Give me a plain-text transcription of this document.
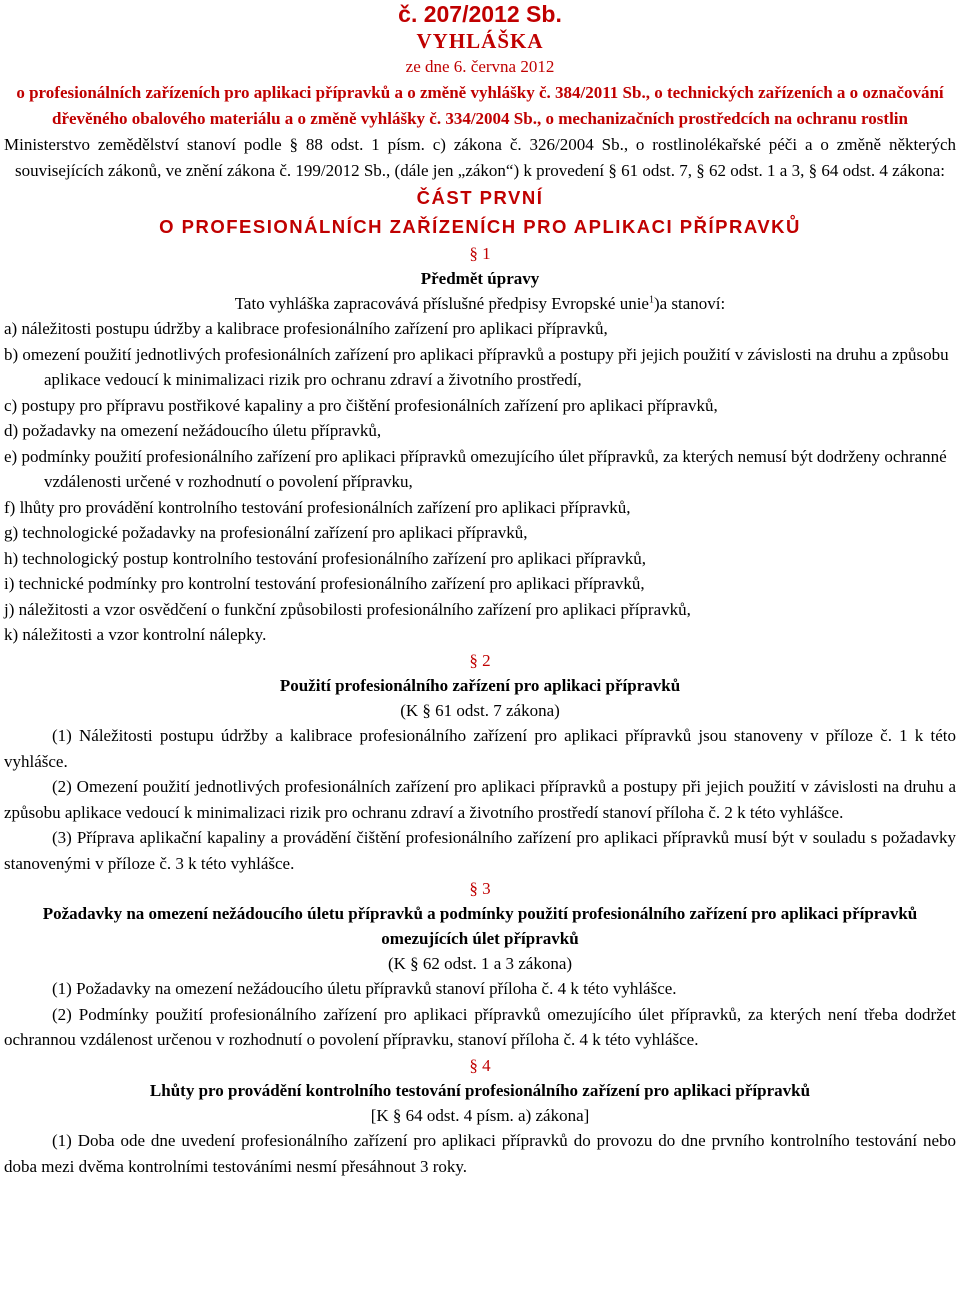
č. 207/2012 Sb.
VYHLÁŠKA
ze dne 6. června 2012
o profesionálních zařízeních pro aplikaci přípravků a o změně vyhlášky č. 384/2011 Sb., o technických zařízeních a o označování dřevěného obalového materiálu a o změně vyhlášky č. 334/2004 Sb., o mechanizačních prostředcích na ochranu rostlin

Ministerstvo zemědělství stanoví podle § 88 odst. 1 písm. c) zákona č. 326/2004 Sb., o rostlinolékařské péči a o změně některých souvisejících zákonů, ve znění zákona č. 199/2012 Sb., (dále jen „zákon“) k provedení § 61 odst. 7, § 62 odst. 1 a 3, § 64 odst. 4 zákona:

ČÁST PRVNÍ
O PROFESIONÁLNÍCH ZAŘÍZENÍCH PRO APLIKACI PŘÍPRAVKŮ
§ 1
Předmět úpravy

Tato vyhláška zapracovává příslušné předpisy Evropské unie$^1$)a stanoví:

a) náležitosti postupu údržby a kalibrace profesionálního zařízení pro aplikaci přípravků,

b) omezení použití jednotlivých profesionálních zařízení pro aplikaci přípravků a postupy při jejich použití v závislosti na druhu a způsobu aplikace vedoucí k minimalizaci rizik pro ochranu zdraví a životního prostředí,

c) postupy pro přípravu postřikové kapaliny a pro čištění profesionálních zařízení pro aplikaci přípravků,

d) požadavky na omezení nežádoucího úletu přípravků,

e) podmínky použití profesionálního zařízení pro aplikaci přípravků omezujícího úlet přípravků, za kterých nemusí být dodrženy ochranné vzdálenosti určené v rozhodnutí o povolení přípravku,

f) lhůty pro provádění kontrolního testování profesionálních zařízení pro aplikaci přípravků,

g) technologické požadavky na profesionální zařízení pro aplikaci přípravků,

h) technologický postup kontrolního testování profesionálního zařízení pro aplikaci přípravků,

i) technické podmínky pro kontrolní testování profesionálního zařízení pro aplikaci přípravků,

j) náležitosti a vzor osvědčení o funkční způsobilosti profesionálního zařízení pro aplikaci přípravků,

k) náležitosti a vzor kontrolní nálepky.

§ 2
Použití profesionálního zařízení pro aplikaci přípravků
(K § 61 odst. 7 zákona)

(1) Náležitosti postupu údržby a kalibrace profesionálního zařízení pro aplikaci přípravků jsou stanoveny v příloze č. 1 k této vyhlášce.

(2) Omezení použití jednotlivých profesionálních zařízení pro aplikaci přípravků a postupy při jejich použití v závislosti na druhu a způsobu aplikace vedoucí k minimalizaci rizik pro ochranu zdraví a životního prostředí stanoví příloha č. 2 k této vyhlášce.

(3) Příprava aplikační kapaliny a provádění čištění profesionálního zařízení pro aplikaci přípravků musí být v souladu s požadavky stanovenými v příloze č. 3 k této vyhlášce.

§ 3
Požadavky na omezení nežádoucího úletu přípravků a podmínky použití profesionálního zařízení pro aplikaci přípravků omezujících úlet přípravků
(K § 62 odst. 1 a 3 zákona)

(1) Požadavky na omezení nežádoucího úletu přípravků stanoví příloha č. 4 k této vyhlášce.

(2) Podmínky použití profesionálního zařízení pro aplikaci přípravků omezujícího úlet přípravků, za kterých není třeba dodržet ochrannou vzdálenost určenou v rozhodnutí o povolení přípravku, stanoví příloha č. 4 k této vyhlášce.

§ 4
Lhůty pro provádění kontrolního testování profesionálního zařízení pro aplikaci přípravků
[K § 64 odst. 4 písm. a) zákona]

(1) Doba ode dne uvedení profesionálního zařízení pro aplikaci přípravků do provozu do dne prvního kontrolního testování nebo doba mezi dvěma kontrolními testováními nesmí přesáhnout 3 roky.
